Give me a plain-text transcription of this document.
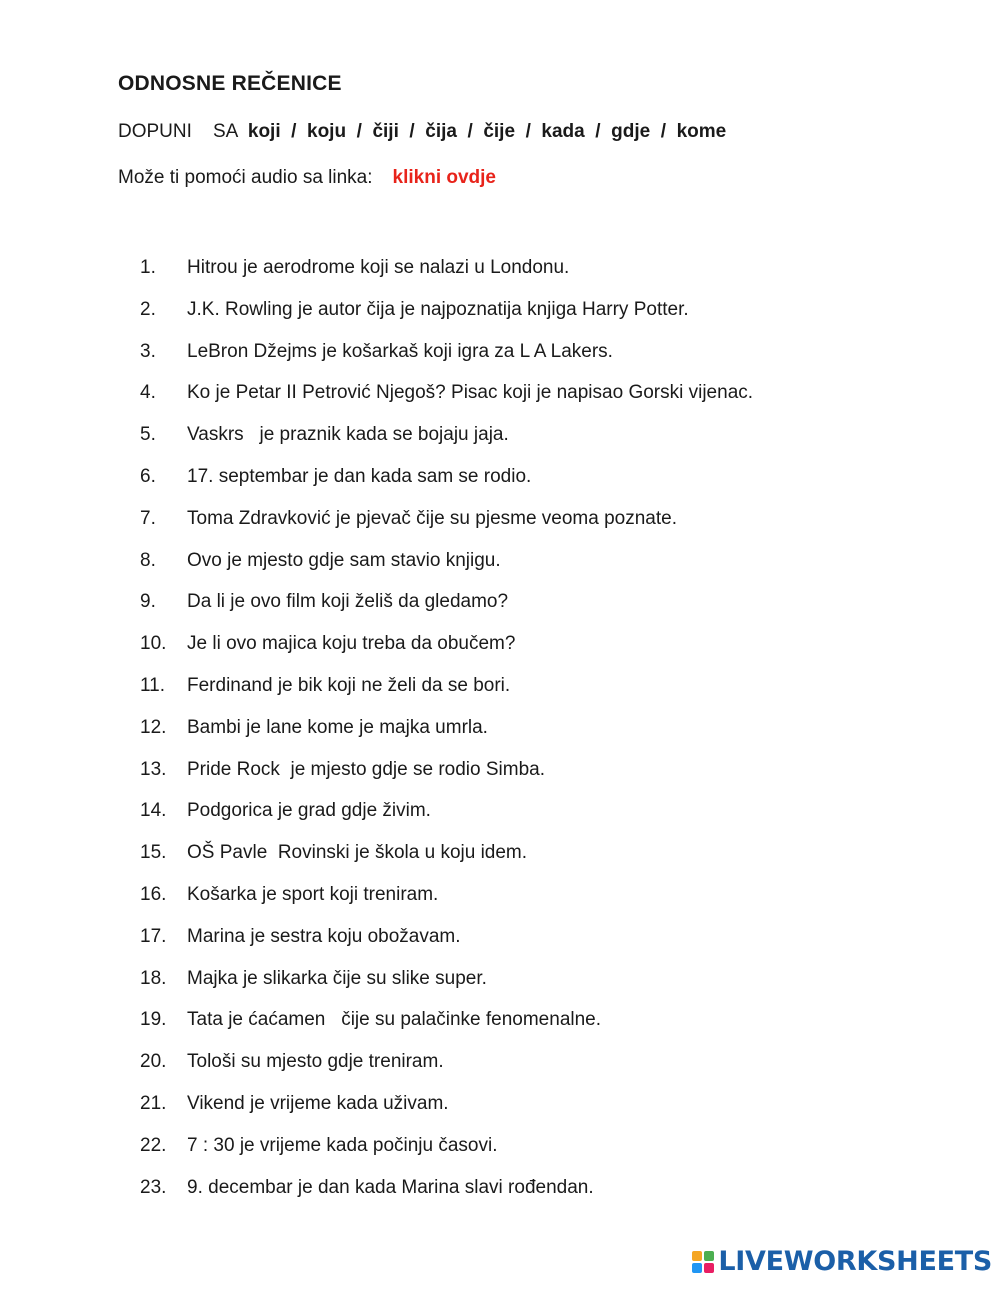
ODNOSNE REČENICE
DOPUNI    SA  koji  /  koju  /  čiji  /  čija  /  čije  /  kada  /  gdje  /  kome
Može ti pomoći audio sa linka: klikni ovdje
1.	Hitrou je aerodrome koji se nalazi u Londonu.
2.	J.K. Rowling je autor čija je najpoznatija knjiga Harry Potter.
3.	LeBron Džejms je košarkaš koji igra za L A Lakers.
4.	Ko je Petar II Petrović Njegoš? Pisac koji je napisao Gorski vijenac.
5.	Vaskrs   je praznik kada se bojaju jaja.
6.	17. septembar je dan kada sam se rodio.
7.	Toma Zdravković je pjevač čije su pjesme veoma poznate.
8.	Ovo je mjesto gdje sam stavio knjigu.
9.	Da li je ovo film koji želiš da gledamo?
10.	Je li ovo majica koju treba da obučem?
11.	Ferdinand je bik koji ne želi da se bori.
12.	Bambi je lane kome je majka umrla.
13.	Pride Rock  je mjesto gdje se rodio Simba.
14.	Podgorica je grad gdje živim.
15.	OŠ Pavle  Rovinski je škola u koju idem.
16.	Košarka je sport koji treniram.
17.	Marina je sestra koju obožavam.
18.	Majka je slikarka čije su slike super.
19.	Tata je ćaćamen   čije su palačinke fenomenalne.
20.	Tološi su mjesto gdje treniram.
21.	Vikend je vrijeme kada uživam.
22.	7 : 30 je vrijeme kada počinju časovi.
23.	9. decembar je dan kada Marina slavi rođendan.
LIVEWORKSHEETS
